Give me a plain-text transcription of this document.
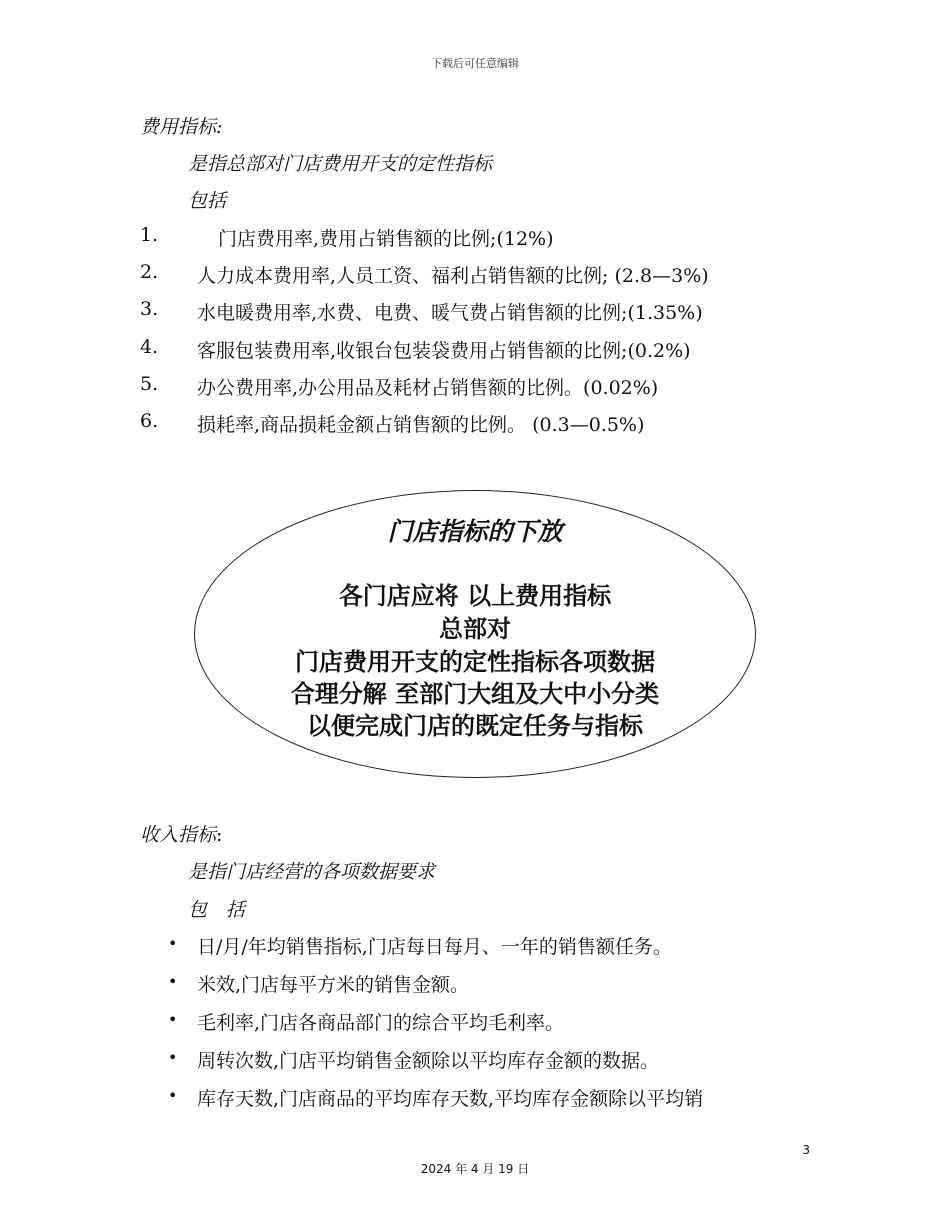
下载后可任意编辑
费用指标:
是指总部对门店费用开支的定性指标
包括
1.	门店费用率,费用占销售额的比例;(12%)
2. 人力成本费用率,人员工资、福利占销售额的比例; (2.8—3%)
3. 水电暖费用率,水费、电费、暖气费占销售额的比例;(1.35%)
4. 客服包装费用率,收银台包装袋费用占销售额的比例;(0.2%)
5. 办公费用率,办公用品及耗材占销售额的比例。(0.02%)
6. 损耗率,商品损耗金额占销售额的比例。 (0.3—0.5%)
门店指标的下放
各门店应将 以上费用指标
总部对
门店费用开支的定性指标各项数据
合理分解 至部门大组及大中小分类
以便完成门店的既定任务与指标
收入指标:
是指门店经营的各项数据要求
包　括
• 日/月/年均销售指标,门店每日每月、一年的销售额任务。
• 米效,门店每平方米的销售金额。
• 毛利率,门店各商品部门的综合平均毛利率。
• 周转次数,门店平均销售金额除以平均库存金额的数据。
• 库存天数,门店商品的平均库存天数,平均库存金额除以平均销
3
2024 年 4 月 19 日
